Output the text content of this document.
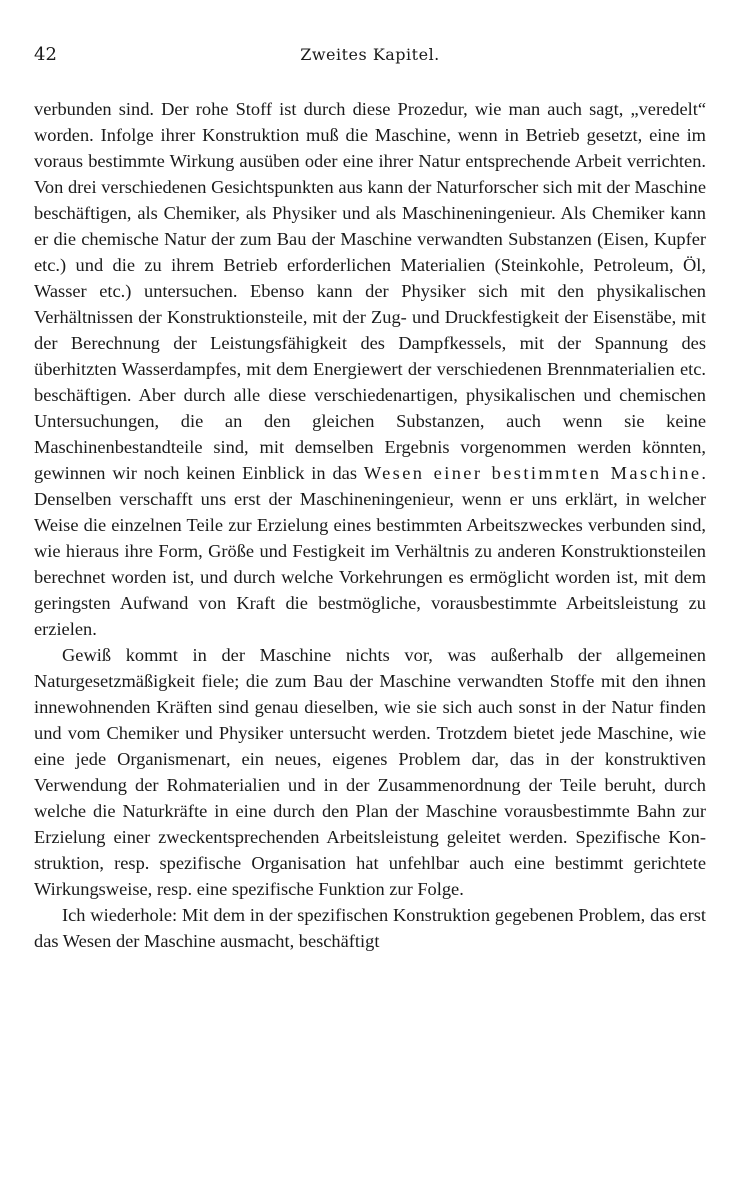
42	Zweites Kapitel.

verbunden sind. Der rohe Stoff ist durch diese Prozedur, wie man auch sagt, „veredelt“ worden. Infolge ihrer Konstruktion muß die Maschine, wenn in Betrieb gesetzt, eine im voraus bestimmte Wirkung ausüben oder eine ihrer Natur entsprechende Arbeit verrichten. Von drei verschiedenen Gesichtspunkten aus kann der Naturforscher sich mit der Maschine beschäftigen, als Chemiker, als Physiker und als Maschineningenieur. Als Chemiker kann er die chemische Natur der zum Bau der Maschine verwandten Substanzen (Eisen, Kupfer etc.) und die zu ihrem Betrieb erforderlichen Materialien (Steinkohle, Petroleum, Öl, Wasser etc.) untersuchen. Ebenso kann der Physiker sich mit den physikalischen Verhältnissen der Konstruktionsteile, mit der Zug- und Druckfestigkeit der Eisenstäbe, mit der Berechnung der Leistungsfähigkeit des Dampfkessels, mit der Spannung des überhitzten Wasserdampfes, mit dem Energiewert der verschiedenen Brennmaterialien etc. beschäftigen. Aber durch alle diese verschiedenartigen, physikalischen und chemischen Untersuchungen, die an den gleichen Substanzen, auch wenn sie keine Maschinenbestandteile sind, mit demselben Ergebnis vorgenommen werden könnten, gewinnen wir noch keinen Einblick in das Wesen einer bestimmten Maschine. Denselben verschafft uns erst der Maschineningenieur, wenn er uns erklärt, in welcher Weise die einzelnen Teile zur Erzielung eines bestimmten Arbeitszweckes verbunden sind, wie hieraus ihre Form, Größe und Festigkeit im Verhältnis zu anderen Konstruktionsteilen berechnet worden ist, und durch welche Vorkehrungen es ermöglicht worden ist, mit dem geringsten Aufwand von Kraft die bestmögliche, vorausbestimmte Arbeitsleistung zu erzielen.

Gewiß kommt in der Maschine nichts vor, was außerhalb der allgemeinen Naturgesetzmäßigkeit fiele; die zum Bau der Maschine verwandten Stoffe mit den ihnen innewohnenden Kräften sind genau dieselben, wie sie sich auch sonst in der Natur finden und vom Chemiker und Physiker untersucht werden. Trotzdem bietet jede Maschine, wie eine jede Organismenart, ein neues, eigenes Problem dar, das in der konstruktiven Verwendung der Rohmaterialien und in der Zusammenordnung der Teile beruht, durch welche die Naturkräfte in eine durch den Plan der Maschine vorausbestimmte Bahn zur Erzielung einer zweckentsprechenden Arbeitsleistung geleitet werden. Spezifische Konstruktion, resp. spezifische Organisation hat unfehlbar auch eine bestimmt gerichtete Wirkungsweise, resp. eine spezifische Funktion zur Folge.

Ich wiederhole: Mit dem in der spezifischen Konstruktion gegebenen Problem, das erst das Wesen der Maschine ausmacht, beschäftigt
